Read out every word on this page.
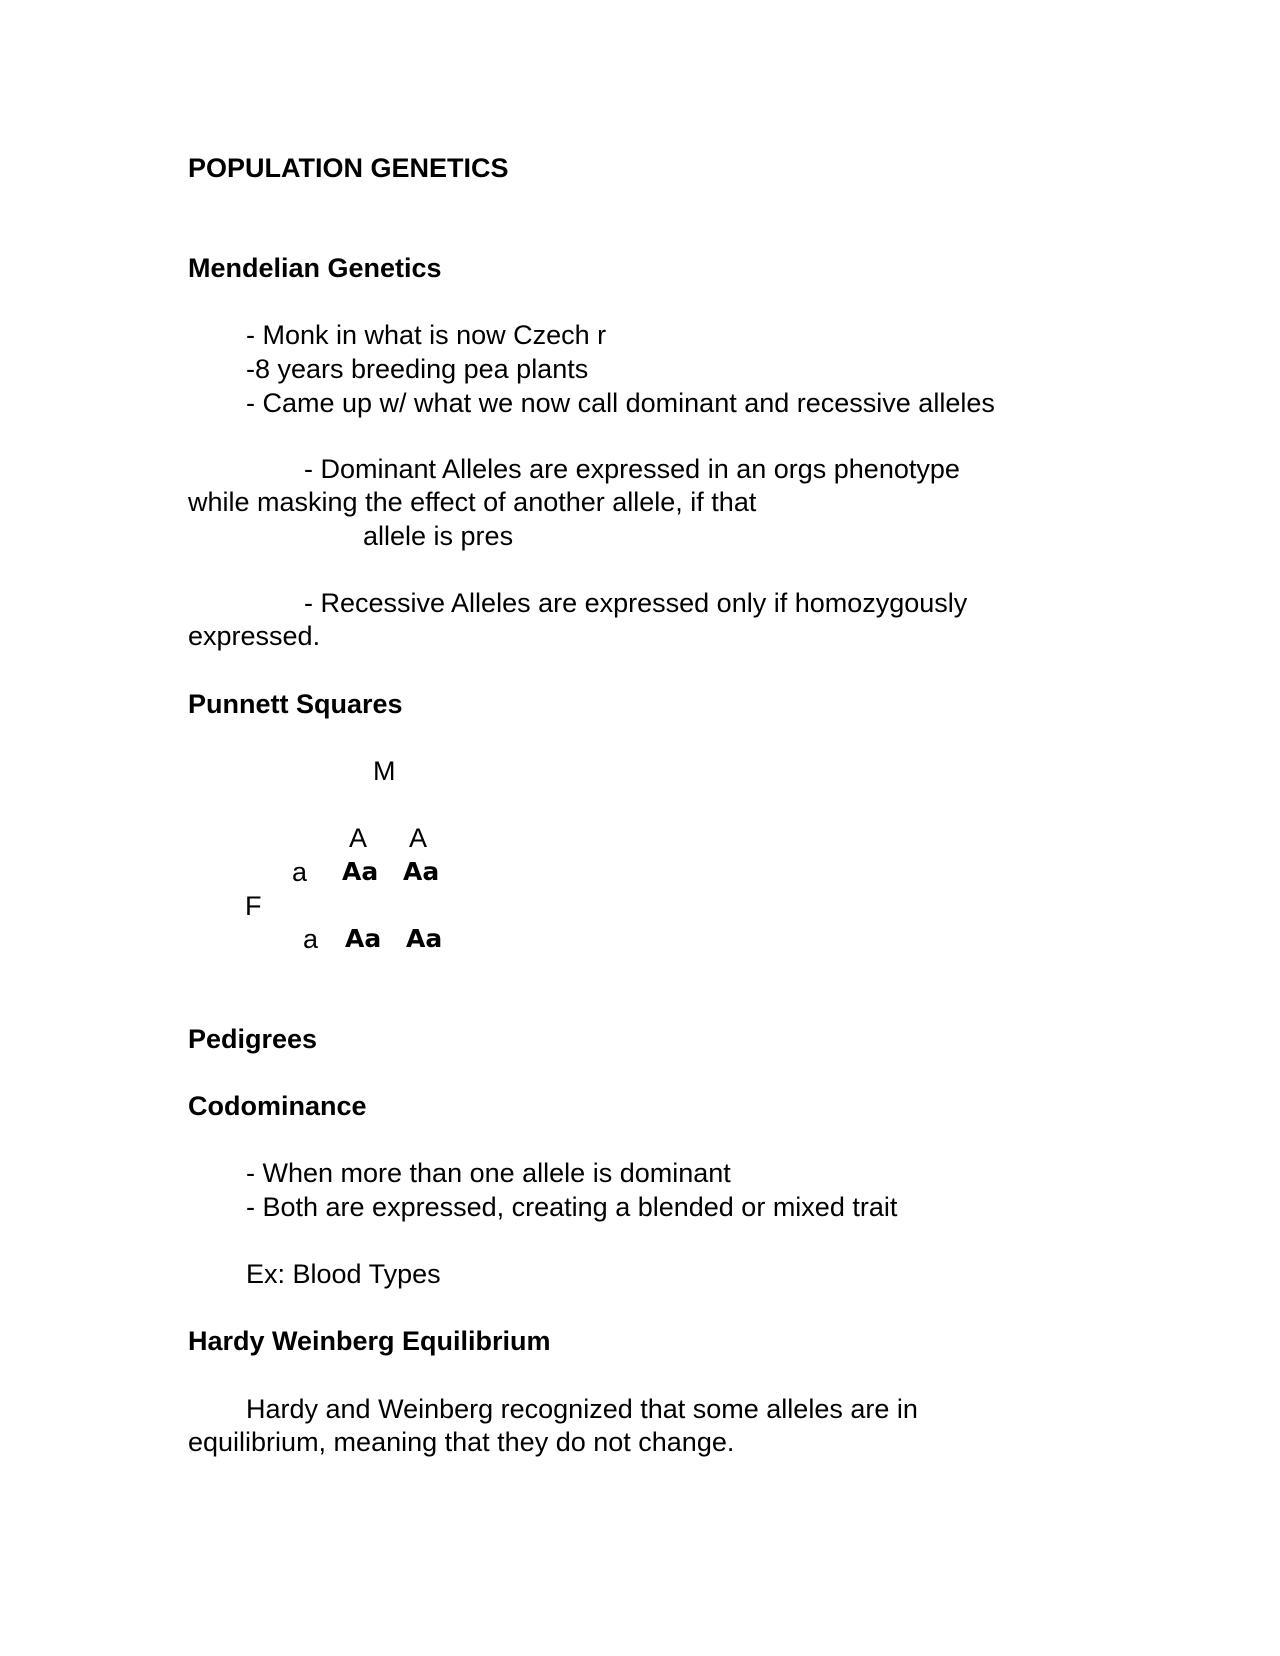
POPULATION GENETICS
Mendelian Genetics
- Monk in what is now Czech r
-8 years breeding pea plants
- Came up w/ what we now call dominant and recessive alleles
- Dominant Alleles are expressed in an orgs phenotype
while masking the effect of another allele, if that
allele is pres
- Recessive Alleles are expressed only if homozygously
expressed.
Punnett Squares
M
A A
a Aa Aa
F
a Aa Aa
Pedigrees
Codominance
- When more than one allele is dominant
- Both are expressed, creating a blended or mixed trait
Ex: Blood Types
Hardy Weinberg Equilibrium
Hardy and Weinberg recognized that some alleles are in
equilibrium, meaning that they do not change.
